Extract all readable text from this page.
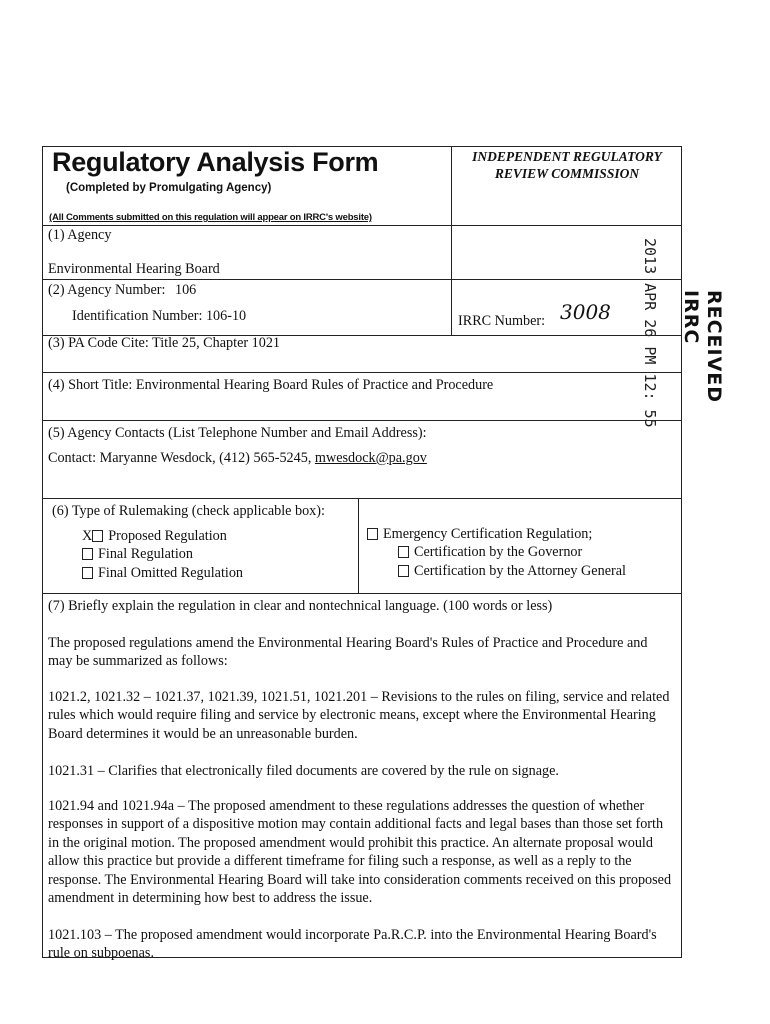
Regulatory Analysis Form
(Completed by Promulgating Agency)
(All Comments submitted on this regulation will appear on IRRC's website)
INDEPENDENT REGULATORY
REVIEW COMMISSION
(1) Agency
Environmental Hearing Board
(2) Agency Number: 106
Identification Number: 106-10	IRRC Number: 3008
(3) PA Code Cite: Title 25, Chapter 1021
(4) Short Title: Environmental Hearing Board Rules of Practice and Procedure
(5) Agency Contacts (List Telephone Number and Email Address):
Contact: Maryanne Wesdock, (412) 565-5245, mwesdock@pa.gov
(6) Type of Rulemaking (check applicable box):
X Proposed Regulation
Final Regulation
Final Omitted Regulation
Emergency Certification Regulation;
Certification by the Governor
Certification by the Attorney General
(7) Briefly explain the regulation in clear and nontechnical language. (100 words or less)
The proposed regulations amend the Environmental Hearing Board's Rules of Practice and Procedure and may be summarized as follows:
1021.2, 1021.32 – 1021.37, 1021.39, 1021.51, 1021.201 – Revisions to the rules on filing, service and related rules which would require filing and service by electronic means, except where the Environmental Hearing Board determines it would be an unreasonable burden.
1021.31 – Clarifies that electronically filed documents are covered by the rule on signage.
1021.94 and 1021.94a – The proposed amendment to these regulations addresses the question of whether responses in support of a dispositive motion may contain additional facts and legal bases than those set forth in the original motion. The proposed amendment would prohibit this practice. An alternate proposal would allow this practice but provide a different timeframe for filing such a response, as well as a reply to the response. The Environmental Hearing Board will take into consideration comments received on this proposed amendment in determining how best to address the issue.
1021.103 – The proposed amendment would incorporate Pa.R.C.P. into the Environmental Hearing Board's rule on subpoenas.
2013 APR 26 PM 12: 55 RECEIVED
IRRC
